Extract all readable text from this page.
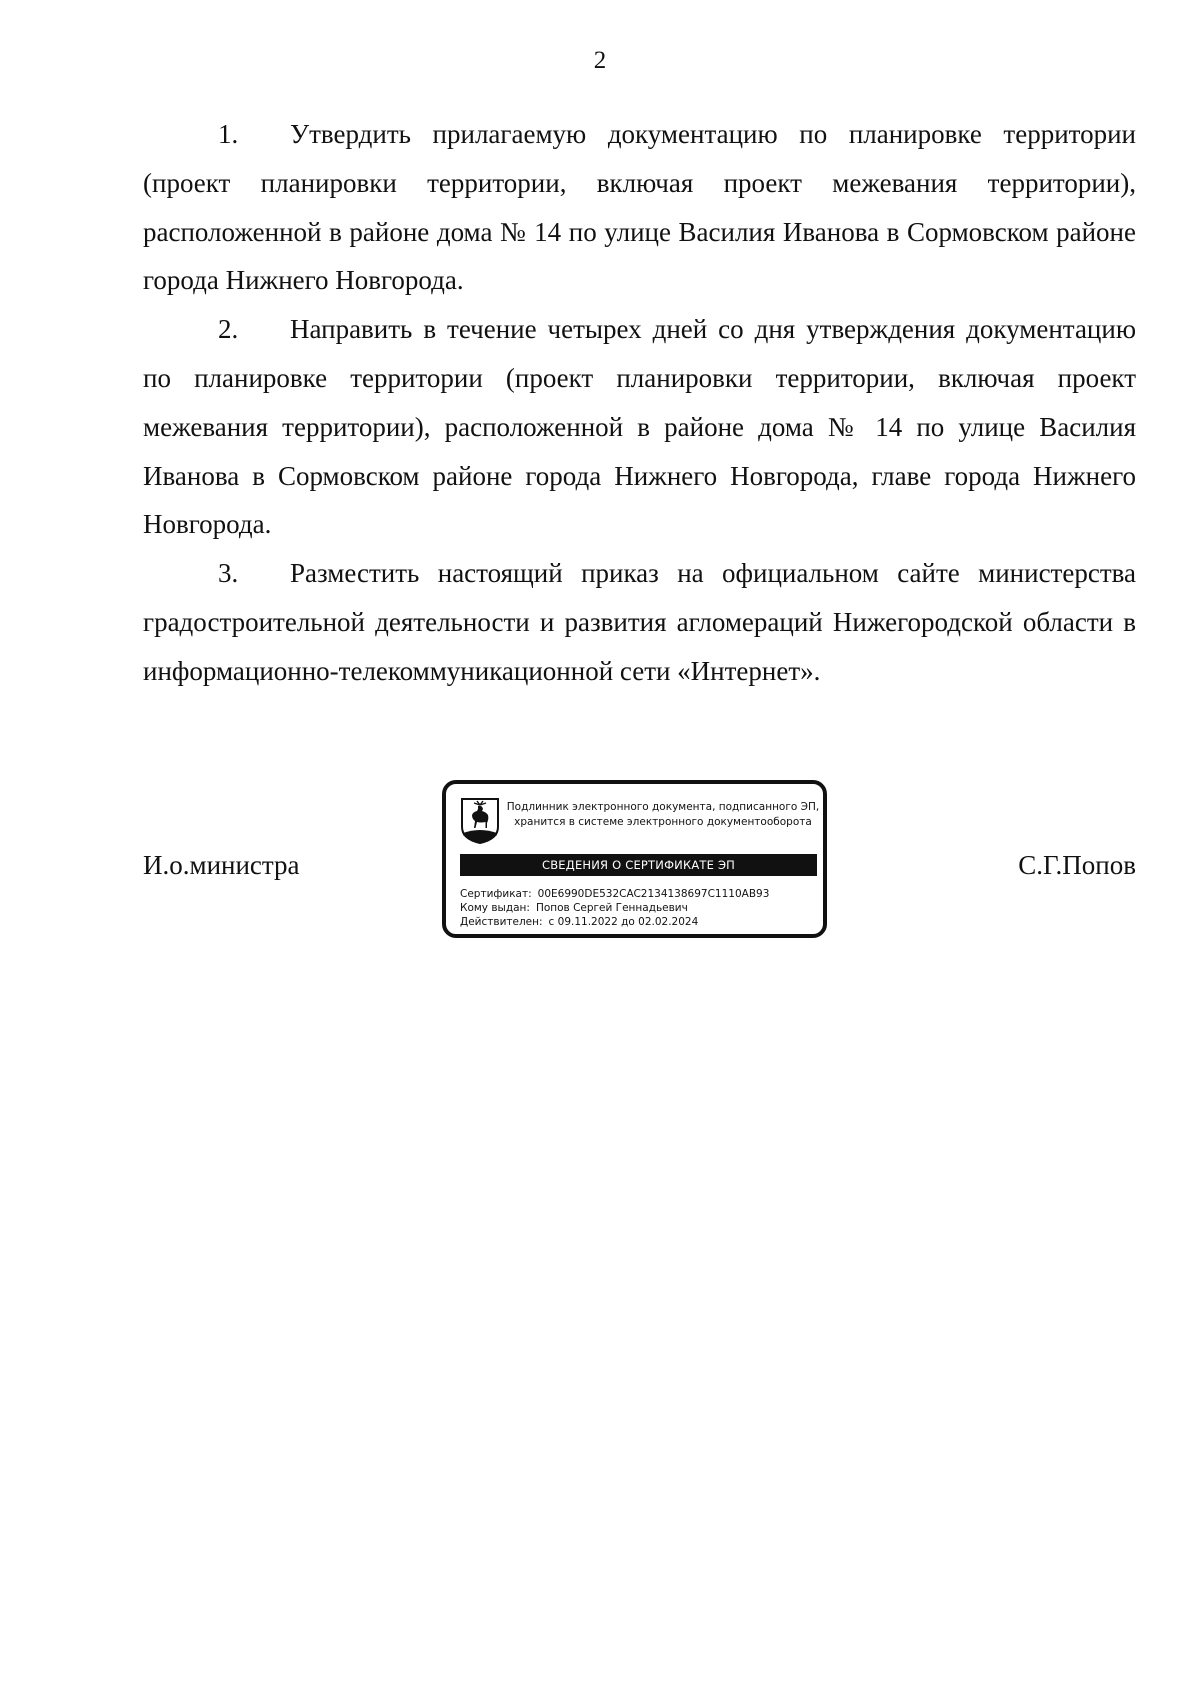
2

1. Утвердить прилагаемую документацию по планировке территории (проект планировки территории, включая проект межевания территории), расположенной в районе дома № 14 по улице Василия Иванова в Сормовском районе города Нижнего Новгорода.

2. Направить в течение четырех дней со дня утверждения документацию по планировке территории (проект планировки территории, включая проект межевания территории), расположенной в районе дома № 14 по улице Василия Иванова в Сормовском районе города Нижнего Новгорода, главе города Нижнего Новгорода.

3. Разместить настоящий приказ на официальном сайте министерства градостроительной деятельности и развития агломераций Нижегородской области в информационно-телекоммуникационной сети «Интернет».

И.о.министра	С.Г.Попов
Подлинник электронного документа, подписанного ЭП,
хранится в системе электронного документооборота
СВЕДЕНИЯ О СЕРТИФИКАТЕ ЭП
Сертификат: 00E6990DE532CAC2134138697C1110AB93
Кому выдан: Попов Сергей Геннадьевич
Действителен: с 09.11.2022 до 02.02.2024
